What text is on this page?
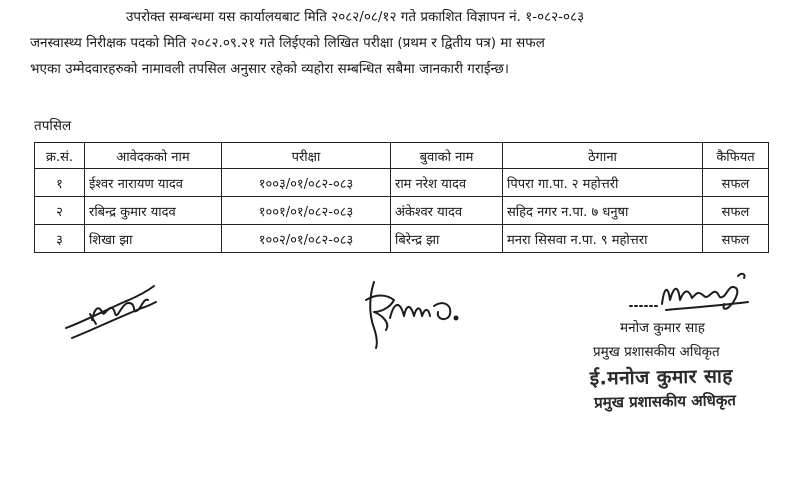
उपरोक्त सम्बन्धमा यस कार्यालयबाट मिति २०८२/०८/१२ गते प्रकाशित विज्ञापन नं. १-०८२-०८३
जनस्वास्थ्य निरीक्षक पदको मिति २०८२.०९.२१ गते लिईएको लिखित परीक्षा (प्रथम र द्वितीय पत्र) मा सफल
भएका उम्मेदवारहरुको नामावली तपसिल अनुसार रहेको व्यहोरा सम्बन्धित सबैमा जानकारी गराईन्छ।
तपसिल
क्र.सं.	आवेदकको नाम	परीक्षा	बुवाको नाम	ठेगाना	कैफियत
१	ईश्वर नारायण यादव	१००३/०१/०८२-०८३	राम नरेश यादव	पिपरा गा.पा. २ महोत्तरी	सफल
२	रबिन्द्र कुमार यादव	१००१/०१/०८२-०८३	अंकेश्वर यादव	सहिद नगर न.पा. ७ धनुषा	सफल
३	शिखा झा	१००२/०१/०८२-०८३	बिरेन्द्र झा	मनरा सिसवा न.पा. ९ महोत्तरा	सफल
मनोज कुमार साह
प्रमुख प्रशासकीय अधिकृत
ई.मनोज कुमार साह
प्रमुख प्रशासकीय अधिकृत
